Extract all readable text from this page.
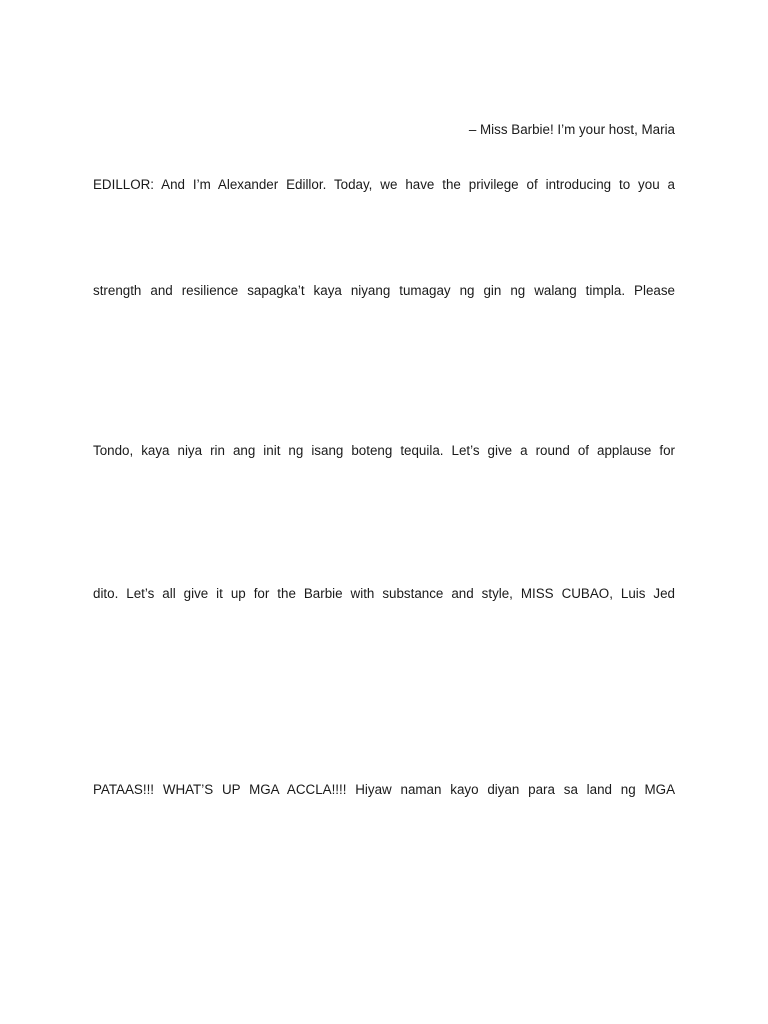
– Miss Barbie! I’m your host, Maria
EDILLOR: And I’m Alexander Edillor. Today, we have the privilege of introducing to you a
strength and resilience sapagka’t kaya niyang tumagay ng gin ng walang timpla. Please
Tondo, kaya niya rin ang init ng isang boteng tequila. Let’s give a round of applause for
dito. Let’s all give it up for the Barbie with substance and style, MISS CUBAO, Luis Jed
PATAAS!!! WHAT’S UP MGA ACCLA!!!! Hiyaw naman kayo diyan para sa land ng MGA
